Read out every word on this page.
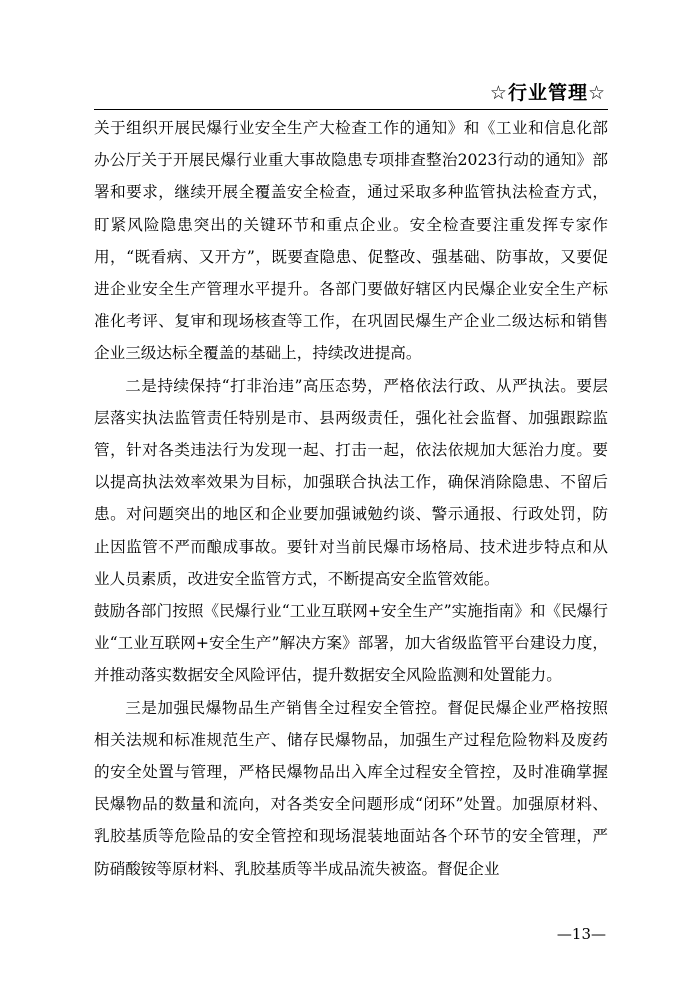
☆行业管理☆

关于组织开展民爆行业安全生产大检查工作的通知》和《工业和信息化部办公厅关于开展民爆行业重大事故隐患专项排查整治2023行动的通知》部署和要求，继续开展全覆盖安全检查，通过采取多种监管执法检查方式，盯紧风险隐患突出的关键环节和重点企业。安全检查要注重发挥专家作用，“既看病、又开方”，既要查隐患、促整改、强基础、防事故，又要促进企业安全生产管理水平提升。各部门要做好辖区内民爆企业安全生产标准化考评、复审和现场核查等工作，在巩固民爆生产企业二级达标和销售企业三级达标全覆盖的基础上，持续改进提高。

二是持续保持“打非治违”高压态势，严格依法行政、从严执法。要层层落实执法监管责任特别是市、县两级责任，强化社会监督、加强跟踪监管，针对各类违法行为发现一起、打击一起，依法依规加大惩治力度。要以提高执法效率效果为目标，加强联合执法工作，确保消除隐患、不留后患。对问题突出的地区和企业要加强诫勉约谈、警示通报、行政处罚，防止因监管不严而酿成事故。要针对当前民爆市场格局、技术进步特点和从业人员素质，改进安全监管方式，不断提高安全监管效能。

鼓励各部门按照《民爆行业“工业互联网+安全生产”实施指南》和《民爆行业“工业互联网+安全生产”解决方案》部署，加大省级监管平台建设力度，并推动落实数据安全风险评估，提升数据安全风险监测和处置能力。

三是加强民爆物品生产销售全过程安全管控。督促民爆企业严格按照相关法规和标准规范生产、储存民爆物品，加强生产过程危险物料及废药的安全处置与管理，严格民爆物品出入库全过程安全管控，及时准确掌握民爆物品的数量和流向，对各类安全问题形成“闭环”处置。加强原材料、乳胶基质等危险品的安全管控和现场混装地面站各个环节的安全管理，严防硝酸铵等原材料、乳胶基质等半成品流失被盗。督促企业

—13—
